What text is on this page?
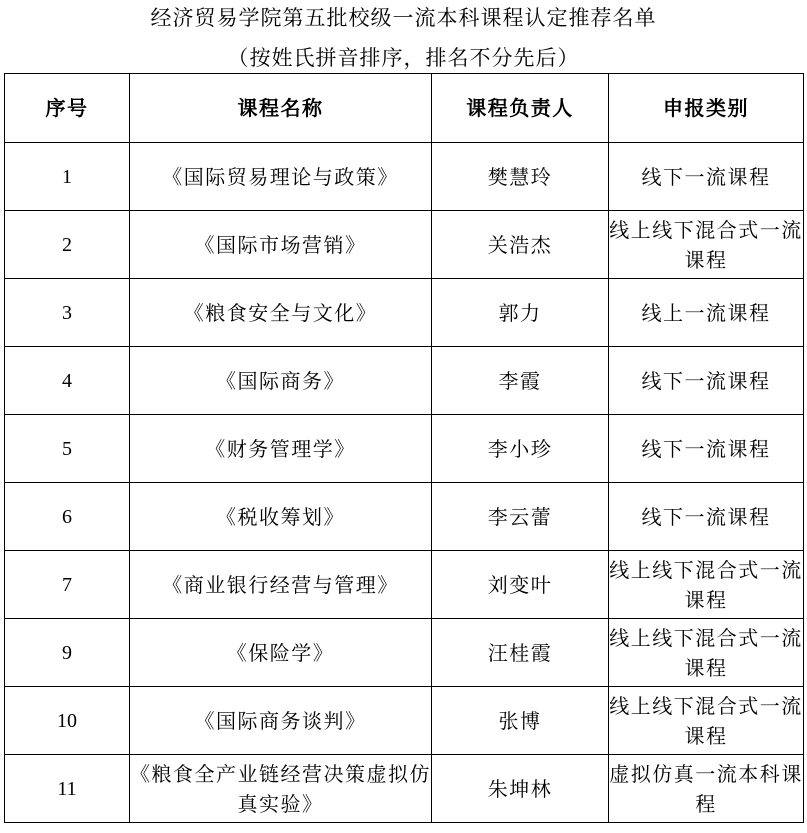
经济贸易学院第五批校级一流本科课程认定推荐名单
（按姓氏拼音排序，排名不分先后）
序号	课程名称	课程负责人	申报类别
1	《国际贸易理论与政策》	樊慧玲	线下一流课程
2	《国际市场营销》	关浩杰	线上线下混合式一流课程
3	《粮食安全与文化》	郭力	线上一流课程
4	《国际商务》	李霞	线下一流课程
5	《财务管理学》	李小珍	线下一流课程
6	《税收筹划》	李云蕾	线下一流课程
7	《商业银行经营与管理》	刘变叶	线上线下混合式一流课程
9	《保险学》	汪桂霞	线上线下混合式一流课程
10	《国际商务谈判》	张博	线上线下混合式一流课程
11	《粮食全产业链经营决策虚拟仿真实验》	朱坤林	虚拟仿真一流本科课程
